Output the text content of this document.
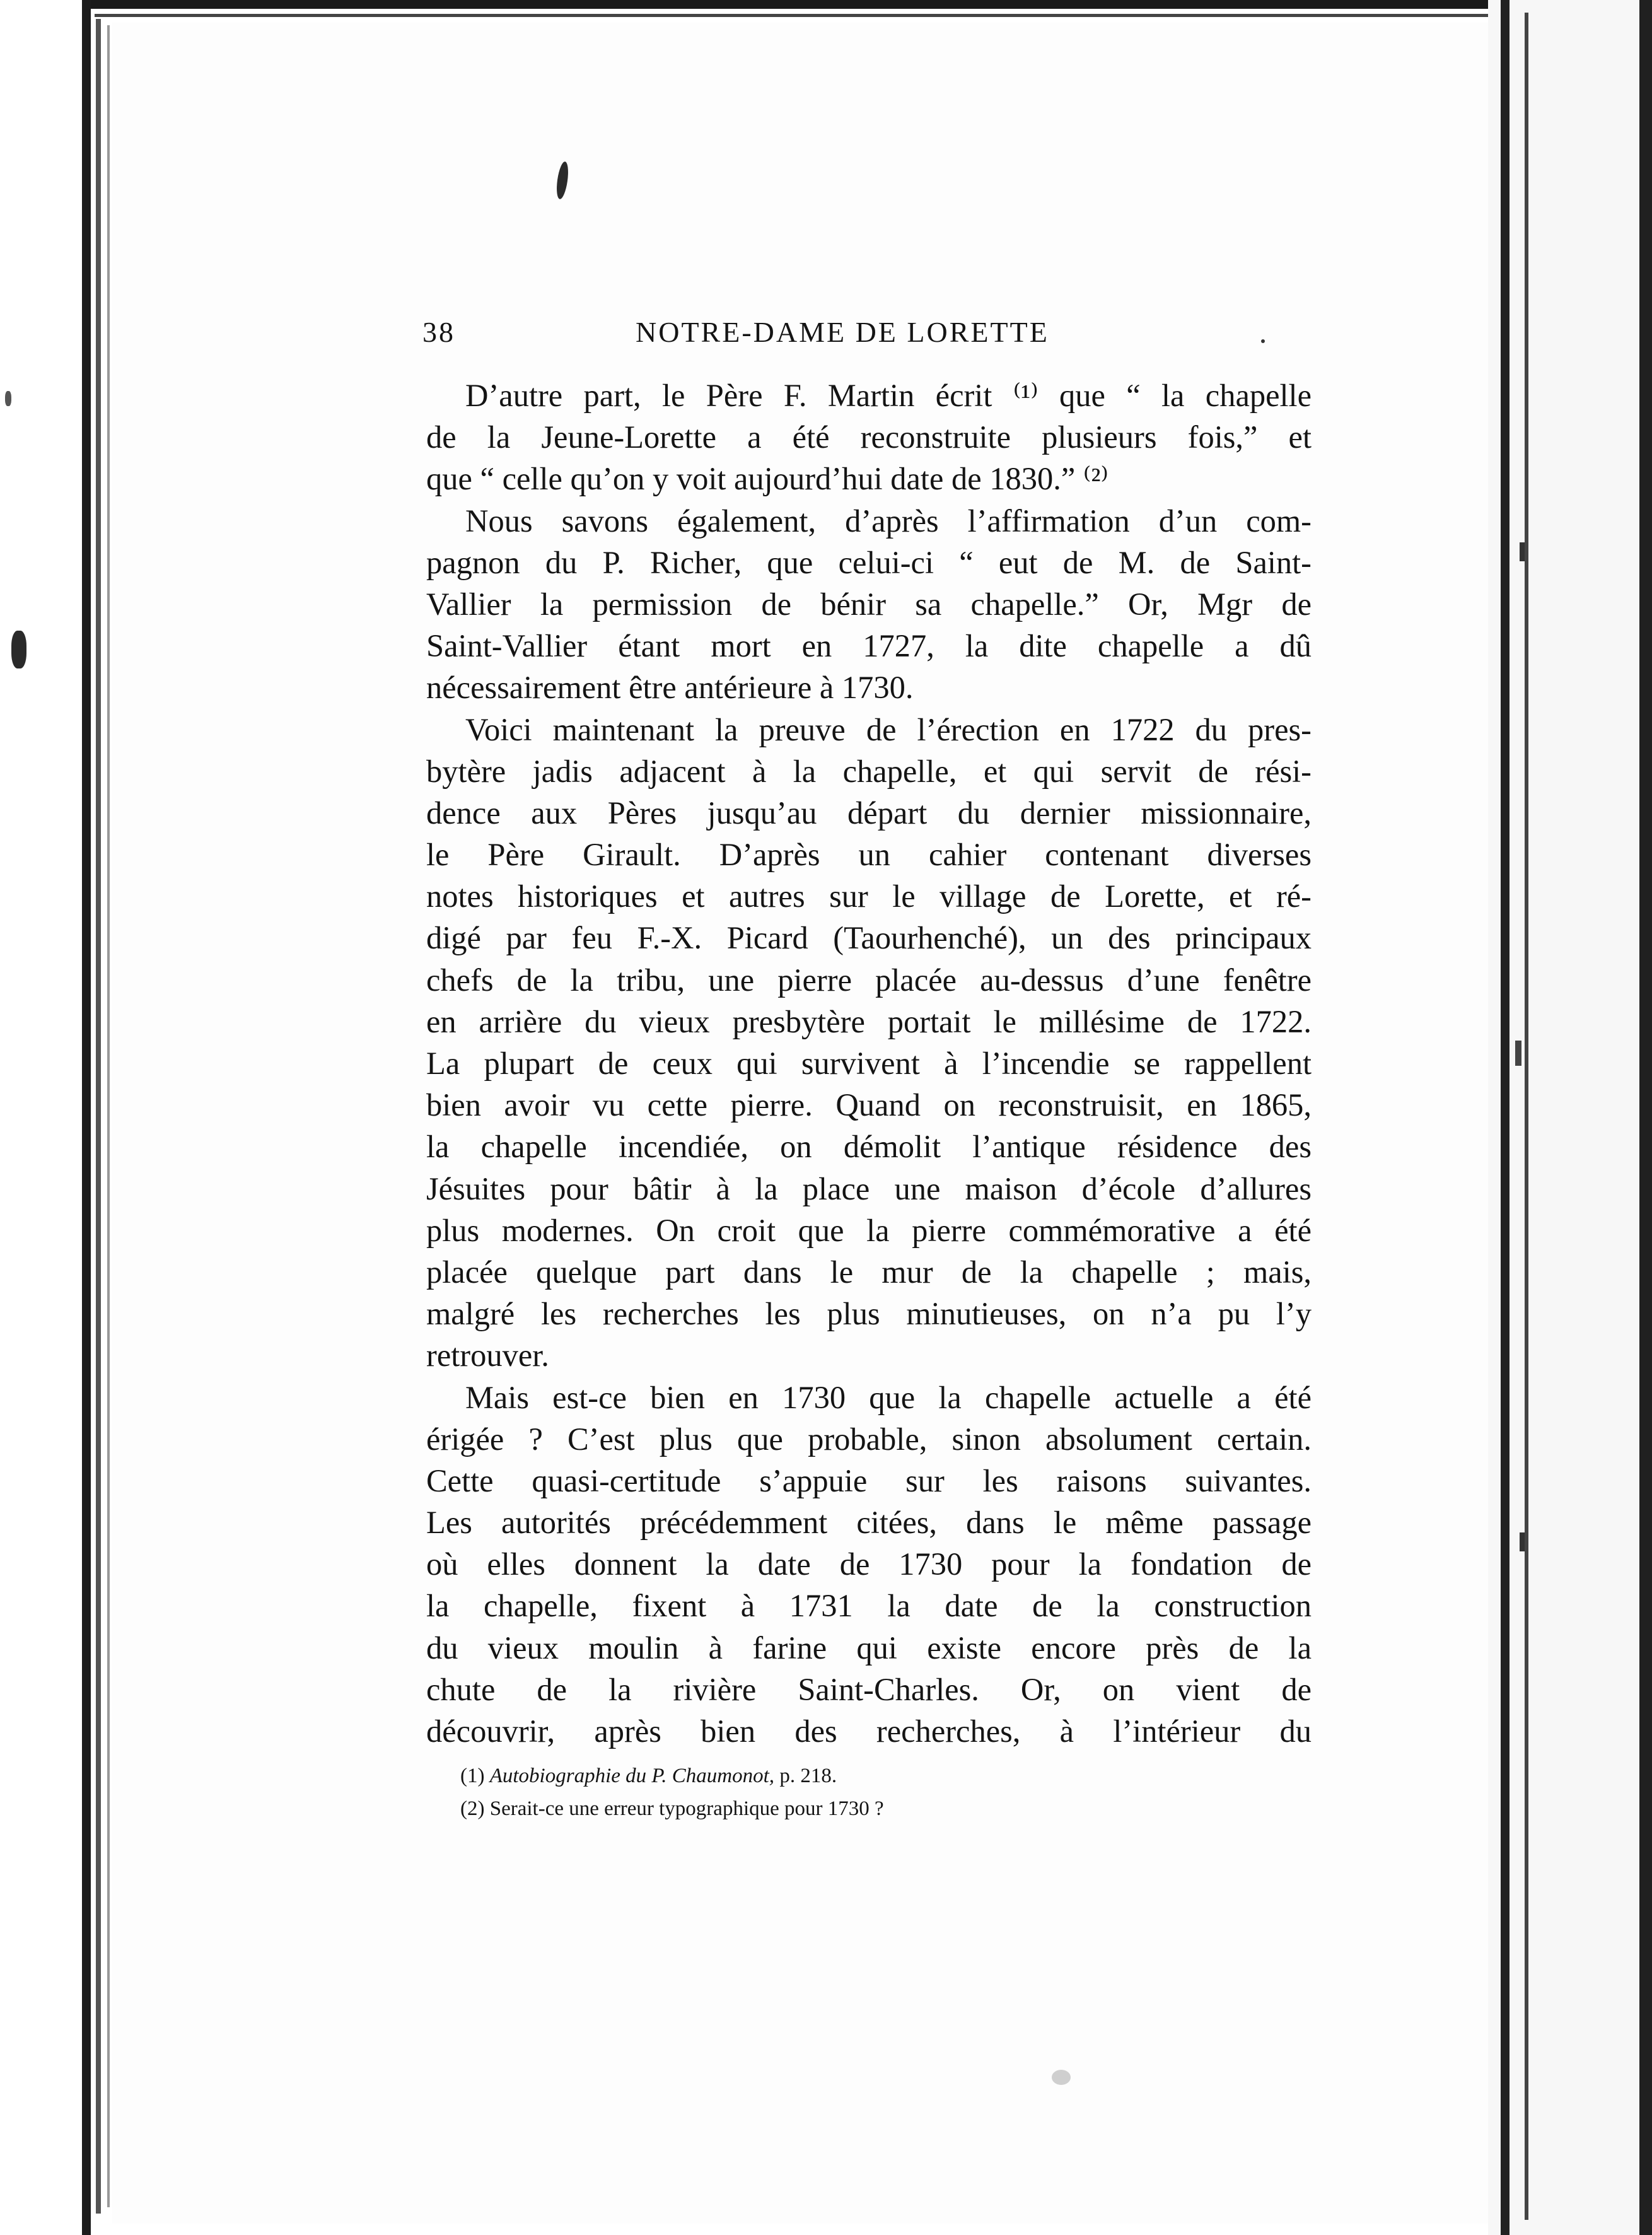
38	NOTRE-DAME DE LORETTE
D’autre part, le Père F. Martin écrit ⁽¹⁾ que “ la chapelle
de la Jeune-Lorette a été reconstruite plusieurs fois,” et
que “ celle qu’on y voit aujourd’hui date de 1830.” ⁽²⁾
Nous savons également, d’après l’affirmation d’un com-
pagnon du P. Richer, que celui-ci “ eut de M. de Saint-
Vallier la permission de bénir sa chapelle.” Or, Mgr de
Saint-Vallier étant mort en 1727, la dite chapelle a dû
nécessairement être antérieure à 1730.
Voici maintenant la preuve de l’érection en 1722 du pres-
bytère jadis adjacent à la chapelle, et qui servit de rési-
dence aux Pères jusqu’au départ du dernier missionnaire,
le Père Girault. D’après un cahier contenant diverses
notes historiques et autres sur le village de Lorette, et ré-
digé par feu F.-X. Picard (Taourhenché), un des principaux
chefs de la tribu, une pierre placée au-dessus d’une fenêtre
en arrière du vieux presbytère portait le millésime de 1722.
La plupart de ceux qui survivent à l’incendie se rappellent
bien avoir vu cette pierre. Quand on reconstruisit, en 1865,
la chapelle incendiée, on démolit l’antique résidence des
Jésuites pour bâtir à la place une maison d’école d’allures
plus modernes. On croit que la pierre commémorative a été
placée quelque part dans le mur de la chapelle ; mais,
malgré les recherches les plus minutieuses, on n’a pu l’y
retrouver.
Mais est-ce bien en 1730 que la chapelle actuelle a été
érigée ? C’est plus que probable, sinon absolument certain.
Cette quasi-certitude s’appuie sur les raisons suivantes.
Les autorités précédemment citées, dans le même passage
où elles donnent la date de 1730 pour la fondation de
la chapelle, fixent à 1731 la date de la construction
du vieux moulin à farine qui existe encore près de la
chute de la rivière Saint-Charles. Or, on vient de
découvrir, après bien des recherches, à l’intérieur du
(1) Autobiographie du P. Chaumonot, p. 218.
(2) Serait-ce une erreur typographique pour 1730 ?
